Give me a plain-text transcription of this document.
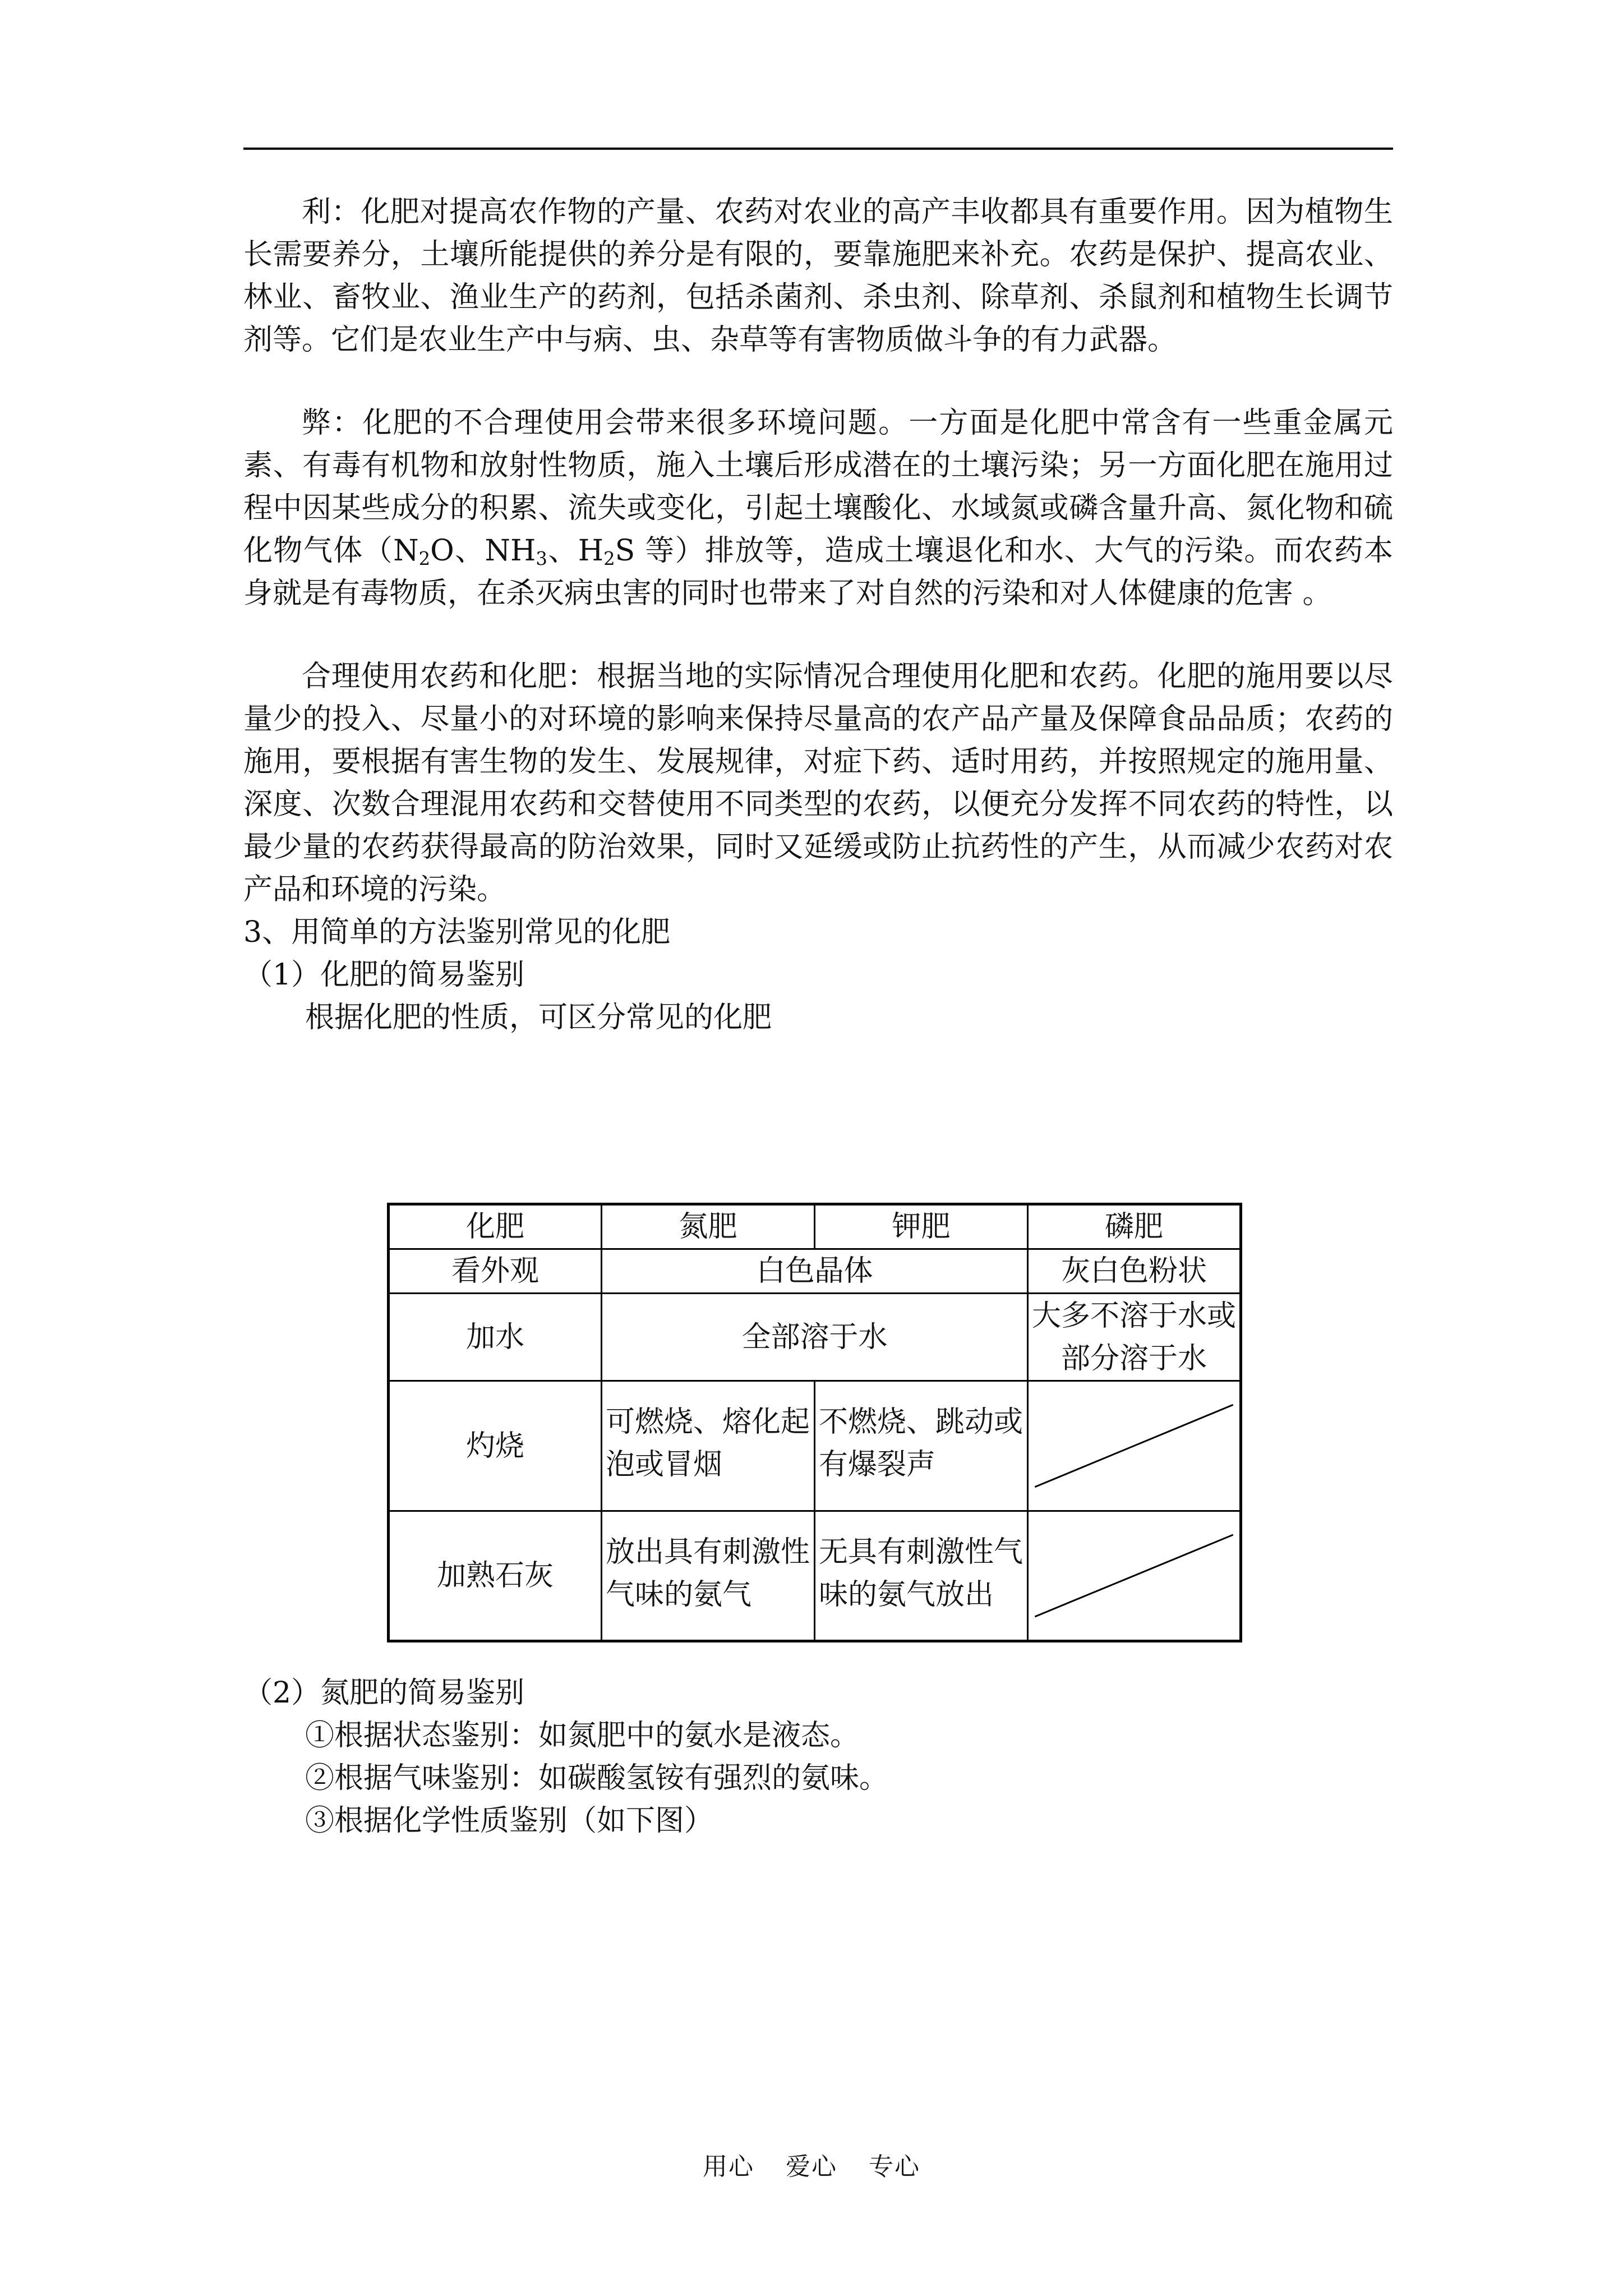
利：化肥对提高农作物的产量、农药对农业的高产丰收都具有重要作用。因为植物生长需要养分，土壤所能提供的养分是有限的，要靠施肥来补充。农药是保护、提高农业、林业、畜牧业、渔业生产的药剂，包括杀菌剂、杀虫剂、除草剂、杀鼠剂和植物生长调节剂等。它们是农业生产中与病、虫、杂草等有害物质做斗争的有力武器。

弊：化肥的不合理使用会带来很多环境问题。一方面是化肥中常含有一些重金属元素、有毒有机物和放射性物质，施入土壤后形成潜在的土壤污染；另一方面化肥在施用过程中因某些成分的积累、流失或变化，引起土壤酸化、水域氮或磷含量升高、氮化物和硫化物气体（$N_2O$、$NH_3$、$H_2S$ 等）排放等，造成土壤退化和水、大气的污染。而农药本身就是有毒物质，在杀灭病虫害的同时也带来了对自然的污染和对人体健康的危害 。

合理使用农药和化肥：根据当地的实际情况合理使用化肥和农药。化肥的施用要以尽量少的投入、尽量小的对环境的影响来保持尽量高的农产品产量及保障食品品质；农药的施用，要根据有害生物的发生、发展规律，对症下药、适时用药，并按照规定的施用量、深度、次数合理混用农药和交替使用不同类型的农药，以便充分发挥不同农药的特性，以最少量的农药获得最高的防治效果，同时又延缓或防止抗药性的产生，从而减少农药对农产品和环境的污染。

3、用简单的方法鉴别常见的化肥

（1）化肥的简易鉴别

根据化肥的性质，可区分常见的化肥

化肥	氮肥	钾肥	磷肥
看外观	白色晶体		灰白色粉状
加水	全部溶于水		大多不溶于水或部分溶于水
灼烧	可燃烧、熔化起泡或冒烟	不燃烧、跳动或有爆裂声	

加熟石灰	放出具有刺激性气味的氨气	无具有刺激性气味的氨气放出	

（2）氮肥的简易鉴别

①根据状态鉴别：如氮肥中的氨水是液态。

②根据气味鉴别：如碳酸氢铵有强烈的氨味。

③根据化学性质鉴别（如下图）

用心 爱心 专心
